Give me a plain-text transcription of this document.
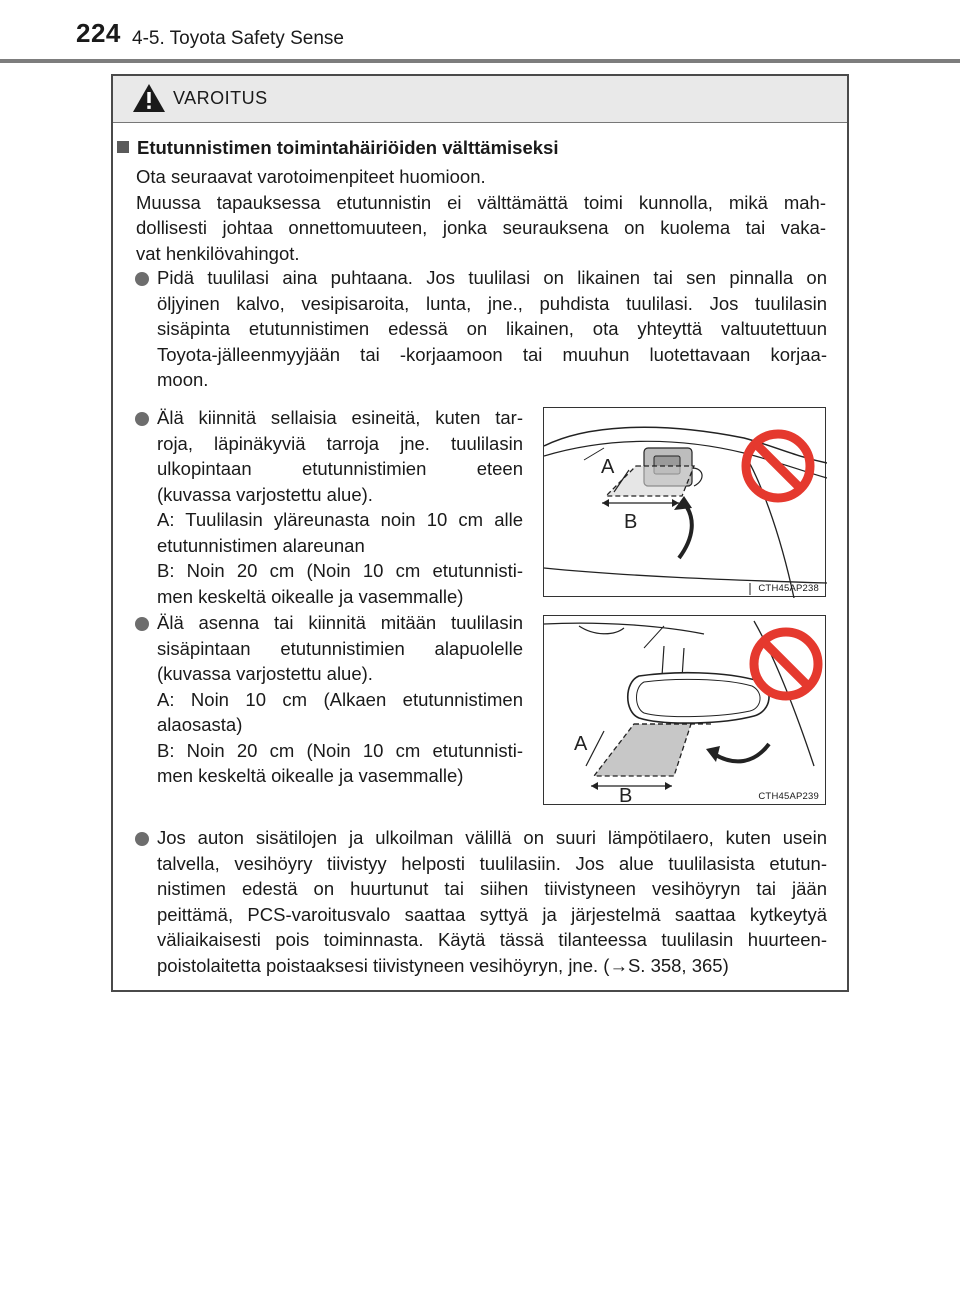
224 4-5. Toyota Safety Sense
VAROITUS
Etutunnistimen toimintahäiriöiden välttämiseksi
Ota seuraavat varotoimenpiteet huomioon.
Muussa tapauksessa etutunnistin ei välttämättä toimi kunnolla, mikä mah-
dollisesti johtaa onnettomuuteen, jonka seurauksena on kuolema tai vaka-
vat henkilövahingot.
Pidä tuulilasi aina puhtaana. Jos tuulilasi on likainen tai sen pinnalla on
öljyinen kalvo, vesipisaroita, lunta, jne., puhdista tuulilasi. Jos tuulilasin
sisäpinta etutunnistimen edessä on likainen, ota yhteyttä valtuutettuun
Toyota-jälleenmyyjään tai -korjaamoon tai muuhun luotettavaan korjaa-
moon.
Älä kiinnitä sellaisia esineitä, kuten tar-
roja, läpinäkyviä tarroja jne. tuulilasin
ulkopintaan etutunnistimien eteen
(kuvassa varjostettu alue).
A: Tuulilasin yläreunasta noin 10 cm alle
etutunnistimen alareunan
B: Noin 20 cm (Noin 10 cm etutunnisti-
men keskeltä oikealle ja vasemmalle)
A
B
CTH45AP238
Älä asenna tai kiinnitä mitään tuulilasin
sisäpintaan etutunnistimien alapuolelle
(kuvassa varjostettu alue).
A: Noin 10 cm (Alkaen etutunnistimen
alaosasta)
B: Noin 20 cm (Noin 10 cm etutunnisti-
men keskeltä oikealle ja vasemmalle)
A
B	CTH45AP239
Jos auton sisätilojen ja ulkoilman välillä on suuri lämpötilaero, kuten usein
talvella, vesihöyry tiivistyy helposti tuulilasiin. Jos alue tuulilasista etutun-
nistimen edestä on huurtunut tai siihen tiivistyneen vesihöyryn tai jään
peittämä, PCS-varoitusvalo saattaa syttyä ja järjestelmä saattaa kytkeytyä
väliaikaisesti pois toiminnasta. Käytä tässä tilanteessa tuulilasin huurteen-
poistolaitetta poistaaksesi tiivistyneen vesihöyryn, jne. (→S. 358, 365)
